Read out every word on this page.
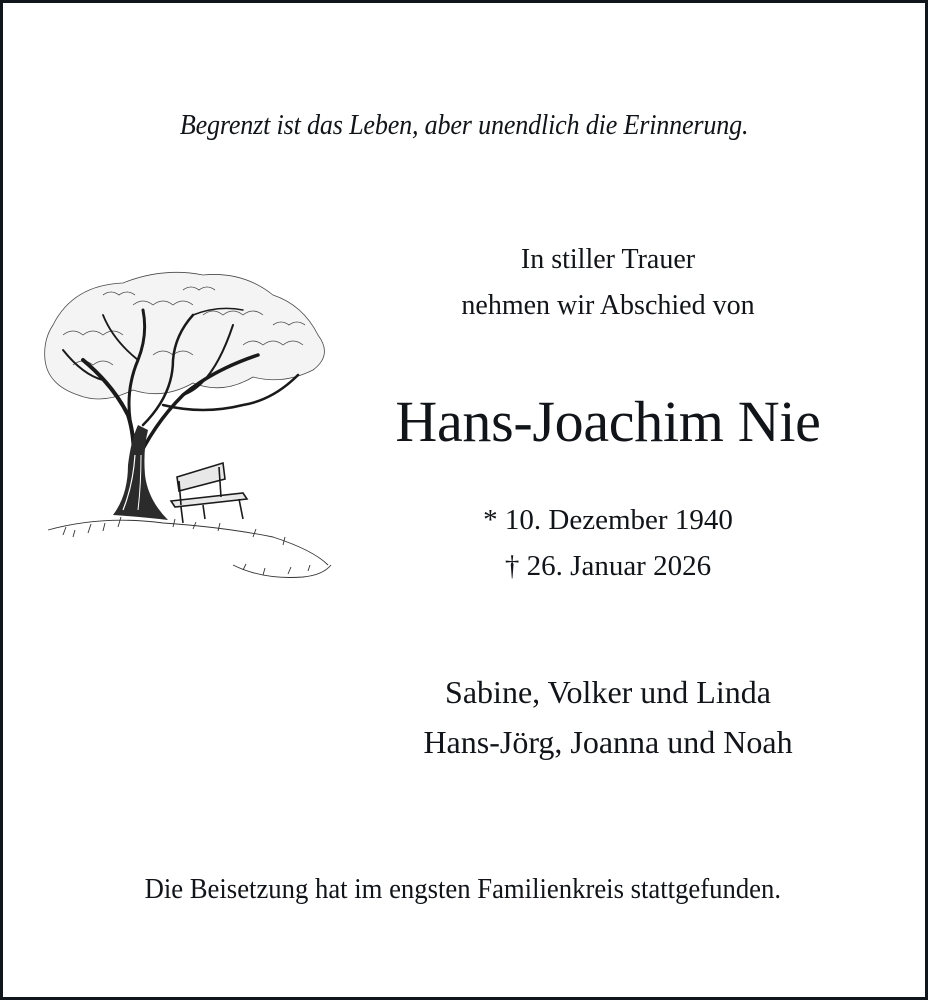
Begrenzt ist das Leben, aber unendlich die Erinnerung.
In stiller Trauer
nehmen wir Abschied von
Hans-Joachim Nie
* 10. Dezember 1940
† 26. Januar 2026
Sabine, Volker und Linda
Hans-Jörg, Joanna und Noah
Die Beisetzung hat im engsten Familienkreis stattgefunden.
